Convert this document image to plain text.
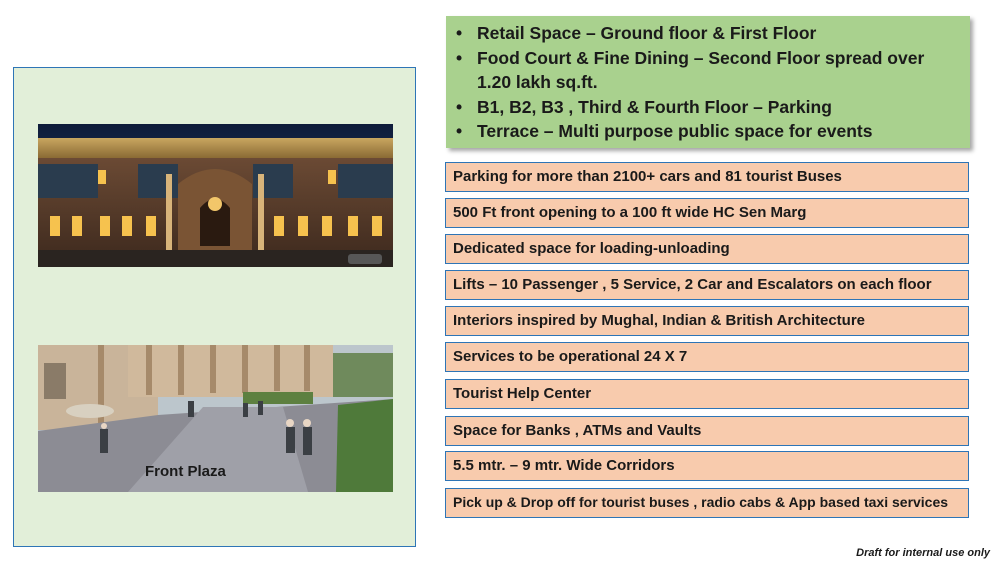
Front Plaza
• Retail Space – Ground floor & First Floor
• Food Court & Fine Dining – Second Floor spread over 1.20 lakh sq.ft.
• B1, B2, B3 , Third & Fourth Floor – Parking
• Terrace – Multi purpose public space for events
Parking for more than 2100+ cars and 81 tourist Buses
500 Ft front opening to a 100 ft wide HC Sen Marg
Dedicated space for loading-unloading
Lifts – 10 Passenger , 5 Service, 2 Car and Escalators on each floor
Interiors inspired by Mughal, Indian & British Architecture
Services to be operational 24 X 7
Tourist Help Center
Space for Banks , ATMs and Vaults
5.5 mtr. – 9 mtr. Wide Corridors
Pick up & Drop off for tourist buses , radio cabs & App based taxi services
Draft for internal use only
